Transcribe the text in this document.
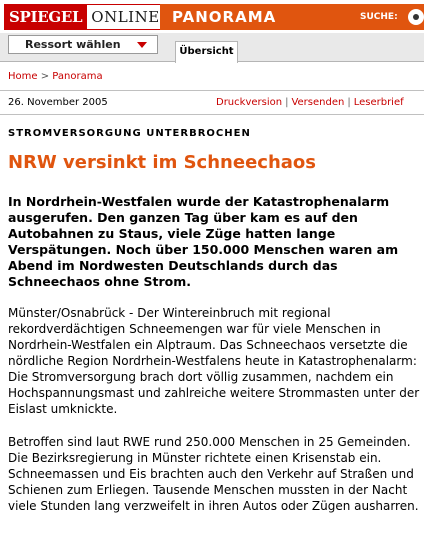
SPIEGEL ONLINE PANORAMA	SUCHE:
Ressort wählen
Übersicht
Home > Panorama
26. November 2005	Druckversion | Versenden | Leserbrief
STROMVERSORGUNG UNTERBROCHEN
NRW versinkt im Schneechaos
In Nordrhein-Westfalen wurde der Katastrophenalarm ausgerufen. Den ganzen Tag über kam es auf den Autobahnen zu Staus, viele Züge hatten lange Verspätungen. Noch über 150.000 Menschen waren am Abend im Nordwesten Deutschlands durch das Schneechaos ohne Strom.
Münster/Osnabrück - Der Wintereinbruch mit regional rekordverdächtigen Schneemengen war für viele Menschen in Nordrhein-Westfalen ein Alptraum. Das Schneechaos versetzte die nördliche Region Nordrhein-Westfalens heute in Katastrophenalarm: Die Stromversorgung brach dort völlig zusammen, nachdem ein Hochspannungsmast und zahlreiche weitere Strommasten unter der Eislast umknickte.
Betroffen sind laut RWE rund 250.000 Menschen in 25 Gemeinden. Die Bezirksregierung in Münster richtete einen Krisenstab ein. Schneemassen und Eis brachten auch den Verkehr auf Straßen und Schienen zum Erliegen. Tausende Menschen mussten in der Nacht viele Stunden lang verzweifelt in ihren Autos oder Zügen ausharren.
